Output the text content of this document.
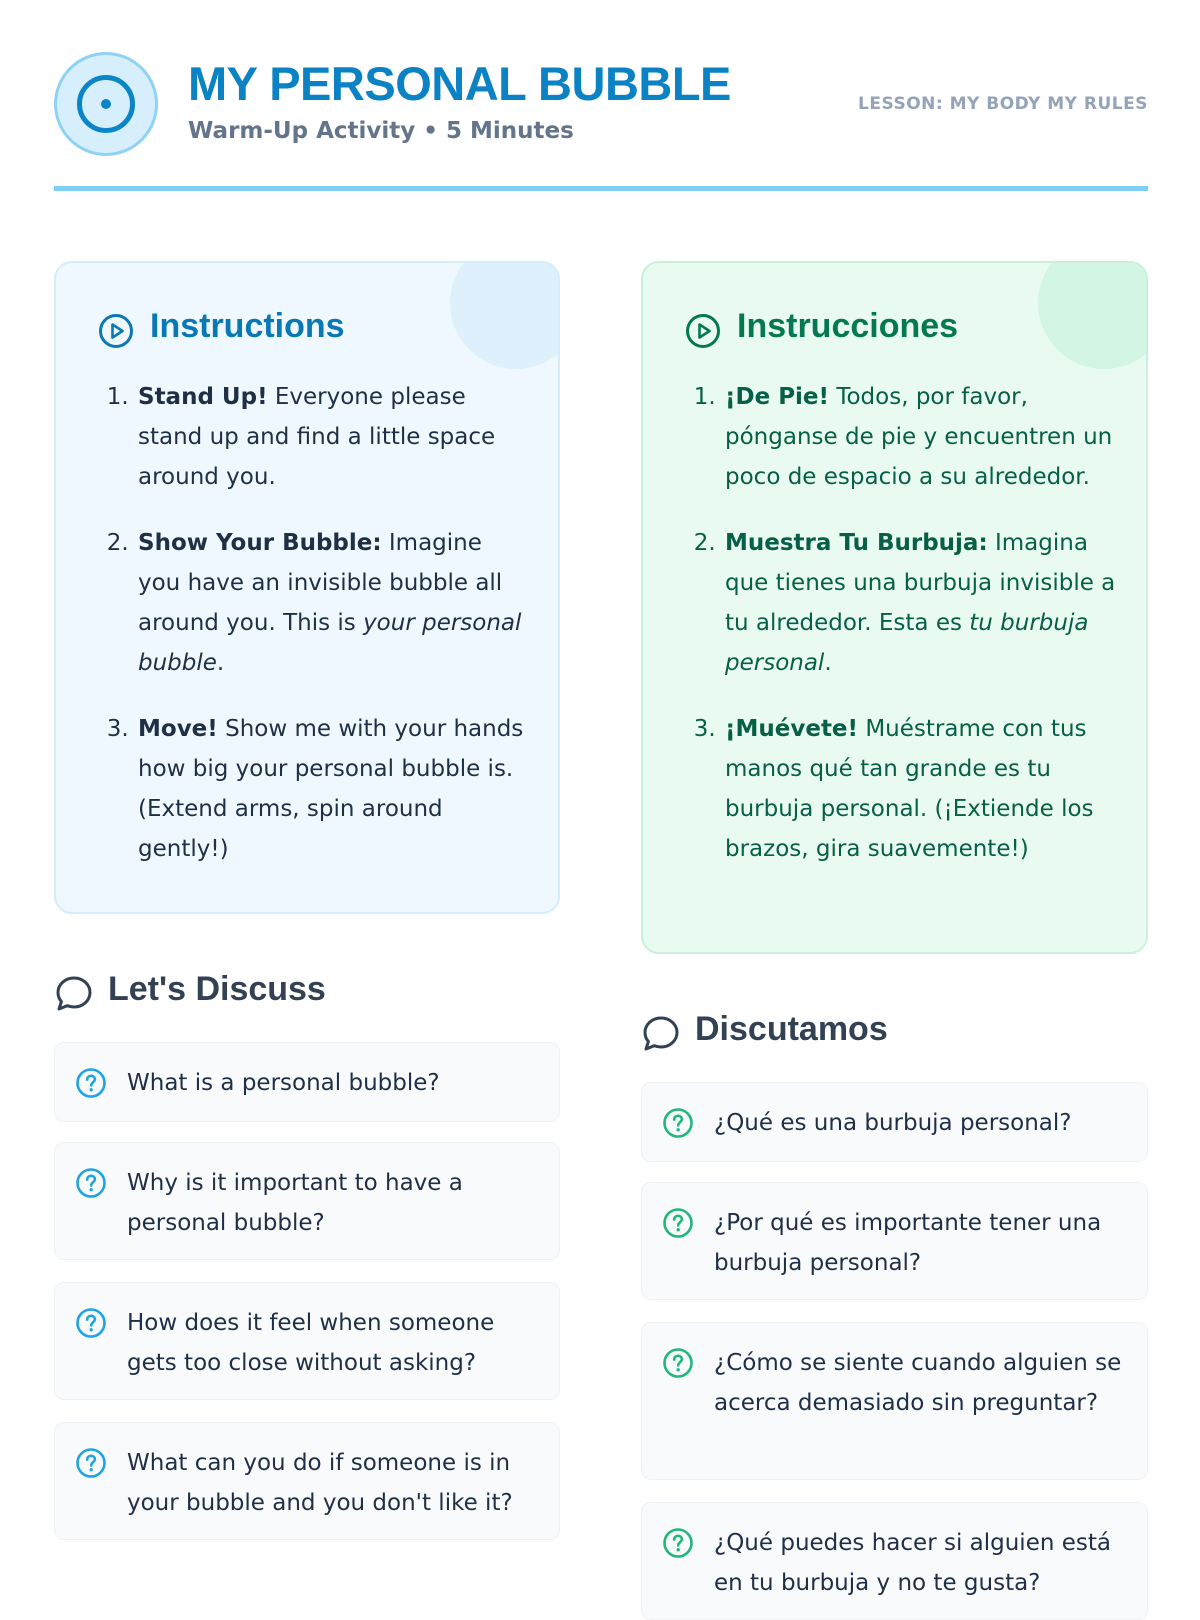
MY PERSONAL BUBBLE
Warm-Up Activity • 5 Minutes
LESSON: MY BODY MY RULES
Instructions
1. Stand Up! Everyone please stand up and find a little space around you.
2. Show Your Bubble: Imagine you have an invisible bubble all around you. This is your personal bubble.
3. Move! Show me with your hands how big your personal bubble is. (Extend arms, spin around gently!)
Instrucciones
1. ¡De Pie! Todos, por favor, pónganse de pie y encuentren un poco de espacio a su alrededor.
2. Muestra Tu Burbuja: Imagina que tienes una burbuja invisible a tu alrededor. Esta es tu burbuja personal.
3. ¡Muévete! Muéstrame con tus manos qué tan grande es tu burbuja personal. (¡Extiende los brazos, gira suavemente!)
Let's Discuss
What is a personal bubble?
Why is it important to have a personal bubble?
How does it feel when someone gets too close without asking?
What can you do if someone is in your bubble and you don't like it?
Discutamos
¿Qué es una burbuja personal?
¿Por qué es importante tener una burbuja personal?
¿Cómo se siente cuando alguien se acerca demasiado sin preguntar?
¿Qué puedes hacer si alguien está en tu burbuja y no te gusta?
